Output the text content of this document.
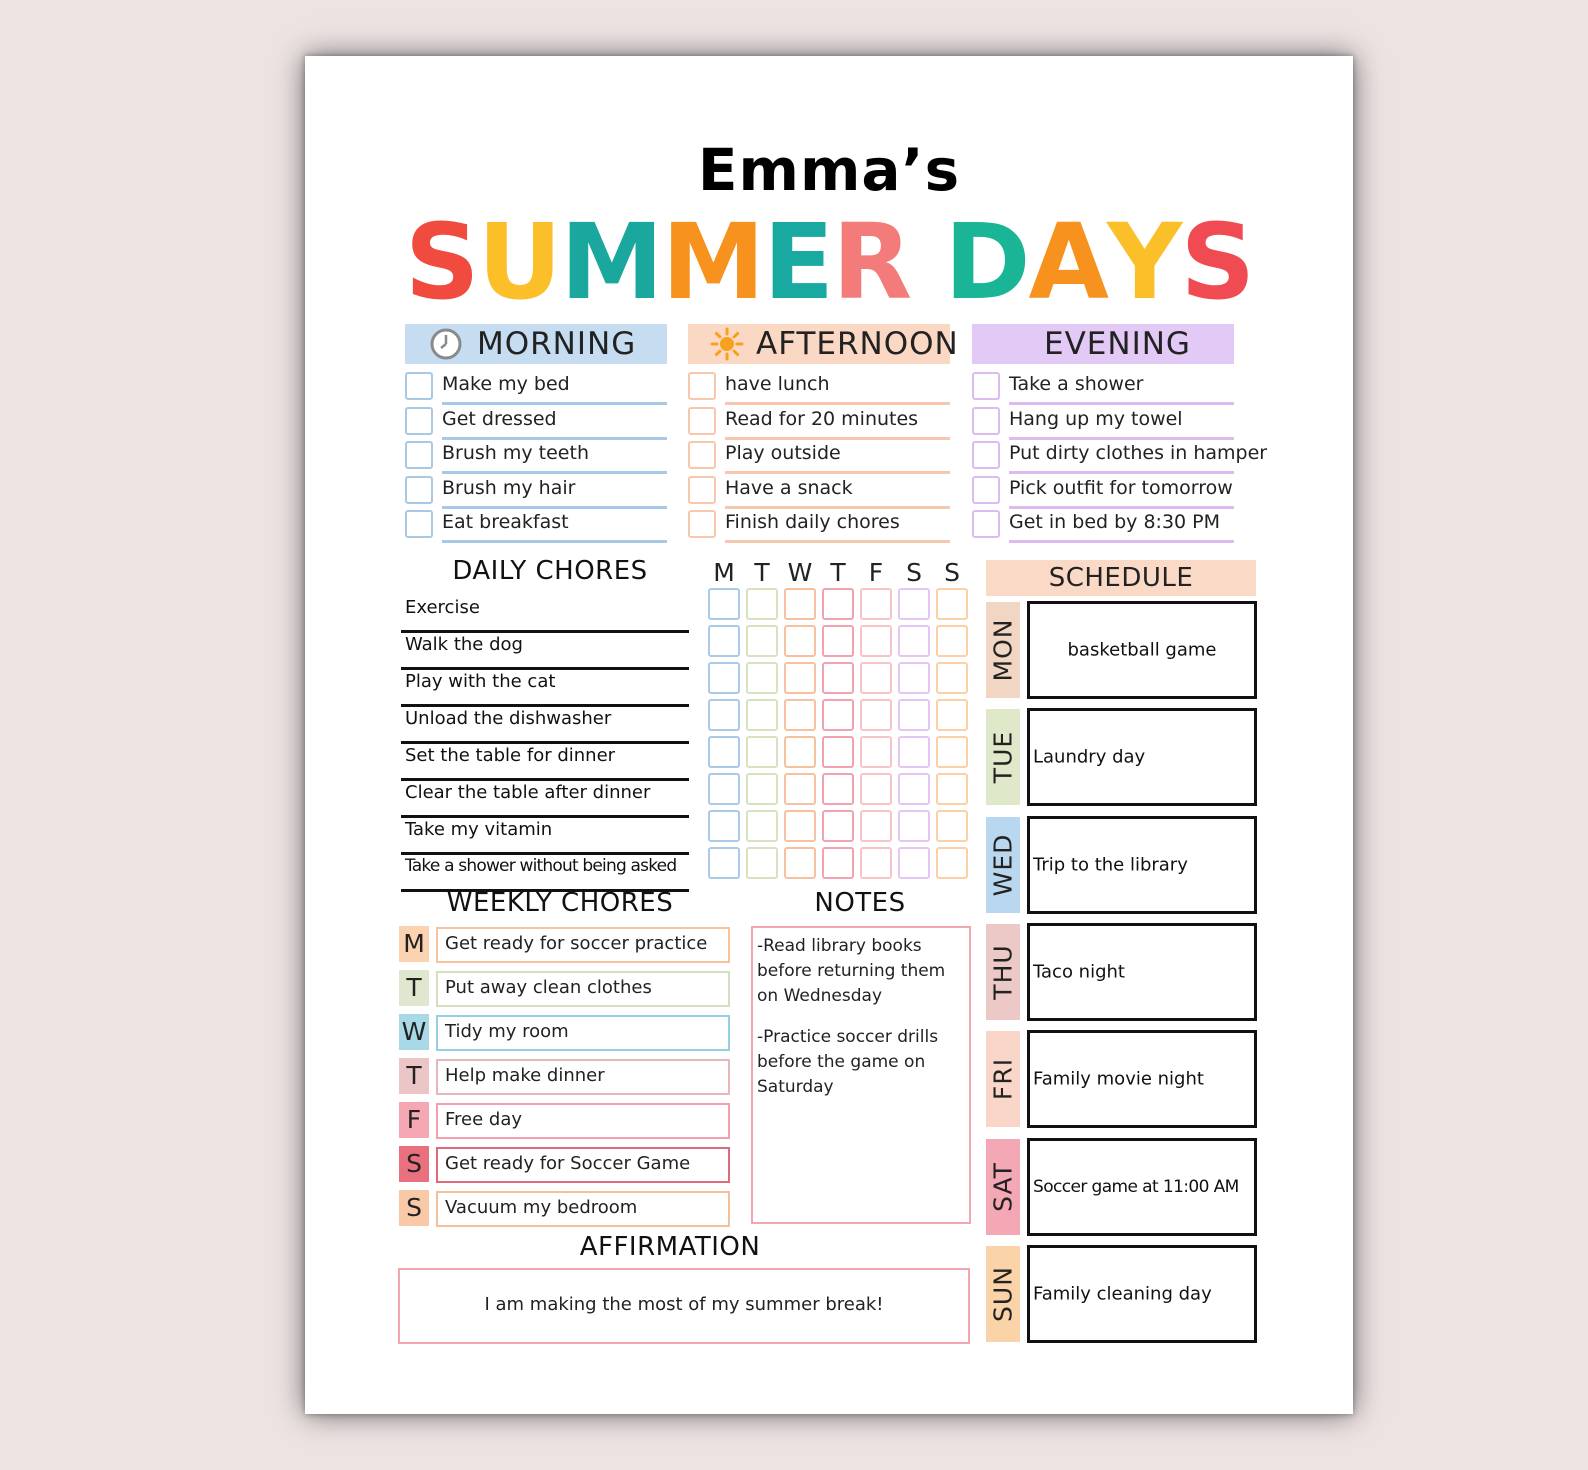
Emma’s
SUMMER DAYS
MORNING
Make my bed
Get dressed
Brush my teeth
Brush my hair
Eat breakfast
AFTERNOON
have lunch
Read for 20 minutes
Play outside
Have a snack
Finish daily chores
EVENING
Take a shower
Hang up my towel
Put dirty clothes in hamper
Pick outfit for tomorrow
Get in bed by 8:30 PM
DAILY CHORES
Exercise
Walk the dog
Play with the cat
Unload the dishwasher
Set the table for dinner
Clear the table after dinner
Take my vitamin
Take a shower without being asked
M T W T F S S	SCHEDULE
MON	basketball game
TUE Laundry day
WED Trip to the library
THU Taco night
FRI Family movie night
SAT Soccer game at 11:00 AM
SUN Family cleaning day
WEEKLY CHORES
M Get ready for soccer practice
T	Put away clean clothes
W Tidy my room
T	Help make dinner
F	Free day
S	Get ready for Soccer Game
S	Vacuum my bedroom
NOTES
-Read library books before returning them on Wednesday
-Practice soccer drills before the game on Saturday
AFFIRMATION
I am making the most of my summer break!
